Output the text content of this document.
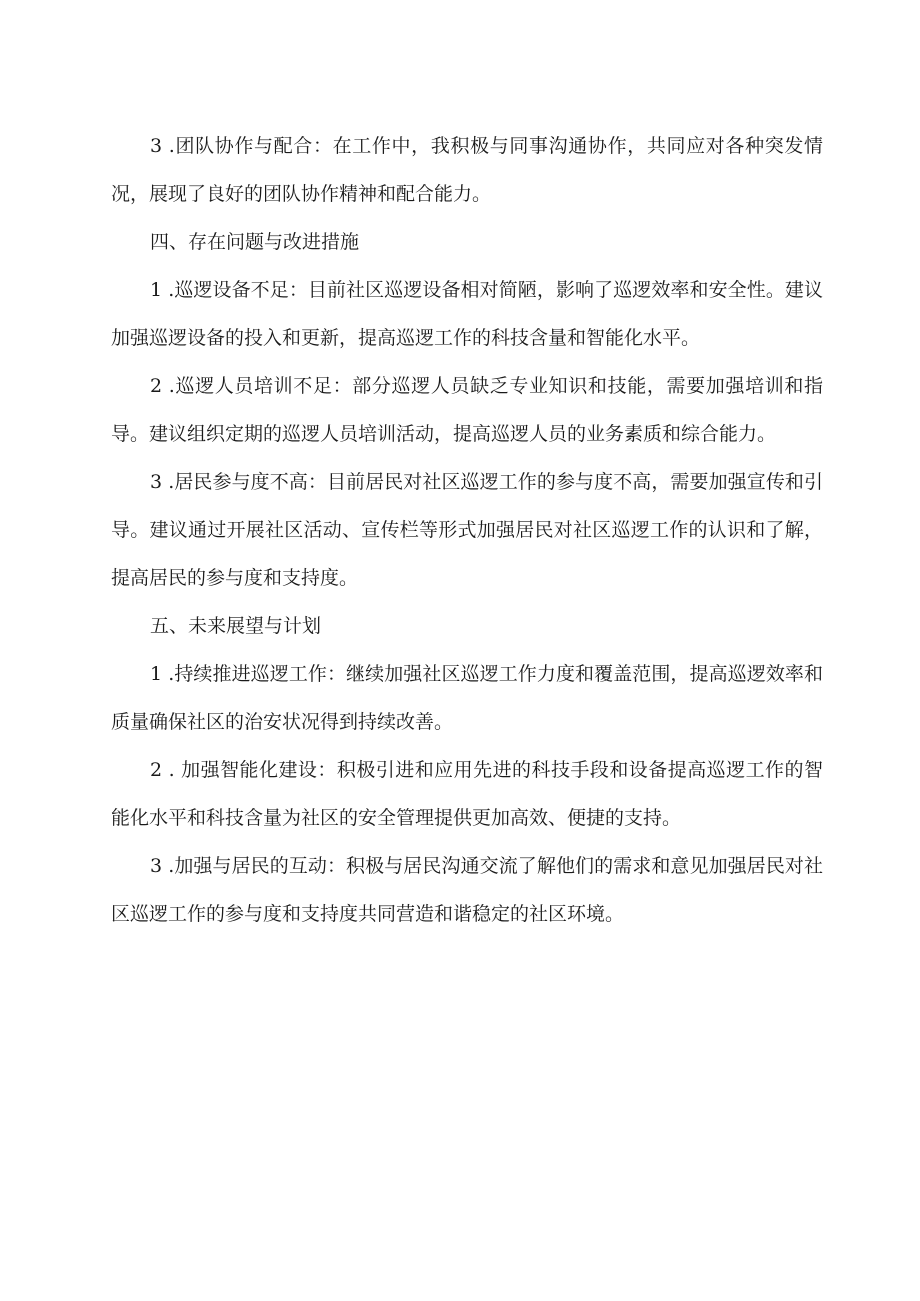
3 .团队协作与配合：在工作中，我积极与同事沟通协作，共同应对各种突发情况，展现了良好的团队协作精神和配合能力。

四、存在问题与改进措施

1 .巡逻设备不足：目前社区巡逻设备相对简陋，影响了巡逻效率和安全性。建议加强巡逻设备的投入和更新，提高巡逻工作的科技含量和智能化水平。

2 .巡逻人员培训不足：部分巡逻人员缺乏专业知识和技能，需要加强培训和指导。建议组织定期的巡逻人员培训活动，提高巡逻人员的业务素质和综合能力。

3 .居民参与度不高：目前居民对社区巡逻工作的参与度不高，需要加强宣传和引导。建议通过开展社区活动、宣传栏等形式加强居民对社区巡逻工作的认识和了解，提高居民的参与度和支持度。

五、未来展望与计划

1 .持续推进巡逻工作：继续加强社区巡逻工作力度和覆盖范围，提高巡逻效率和质量确保社区的治安状况得到持续改善。

2 . 加强智能化建设：积极引进和应用先进的科技手段和设备提高巡逻工作的智能化水平和科技含量为社区的安全管理提供更加高效、便捷的支持。

3 .加强与居民的互动：积极与居民沟通交流了解他们的需求和意见加强居民对社区巡逻工作的参与度和支持度共同营造和谐稳定的社区环境。
